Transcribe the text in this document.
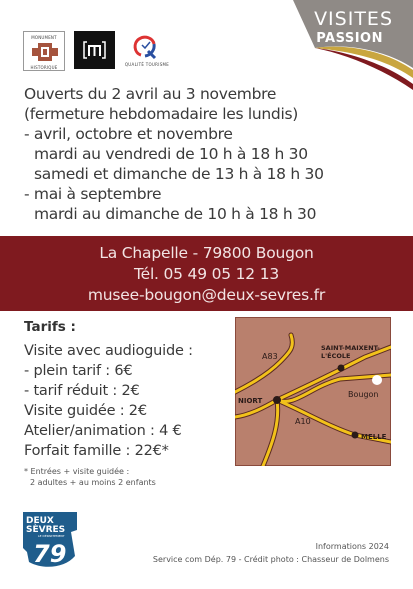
VISITES
PASSION
MONUMENT
HISTORIQUE
QUALITÉ TOURISME
Ouverts du 2 avril au 3 novembre
(fermeture hebdomadaire les lundis)
- avril, octobre et novembre
mardi au vendredi de 10 h à 18 h 30
samedi et dimanche de 13 h à 18 h 30
- mai à septembre
mardi au dimanche de 10 h à 18 h 30
La Chapelle - 79800 Bougon
Tél. 05 49 05 12 13
musee-bougon@deux-sevres.fr
Tarifs :
Visite avec audioguide :
- plein tarif : 6€
- tarif réduit : 2€
Visite guidée : 2€
Atelier/animation : 4 €
Forfait famille : 22€*
* Entrées + visite guidée :
2 adultes + au moins 2 enfants
A83
SAINT-MAIXENT-
L'ÉCOLE
Bougon
NIORT
A10
MELLE
DEUX
SÈVRES
LE DÉPARTEMENT
79	Informations 2024
Service com Dép. 79 - Crédit photo : Chasseur de Dolmens
